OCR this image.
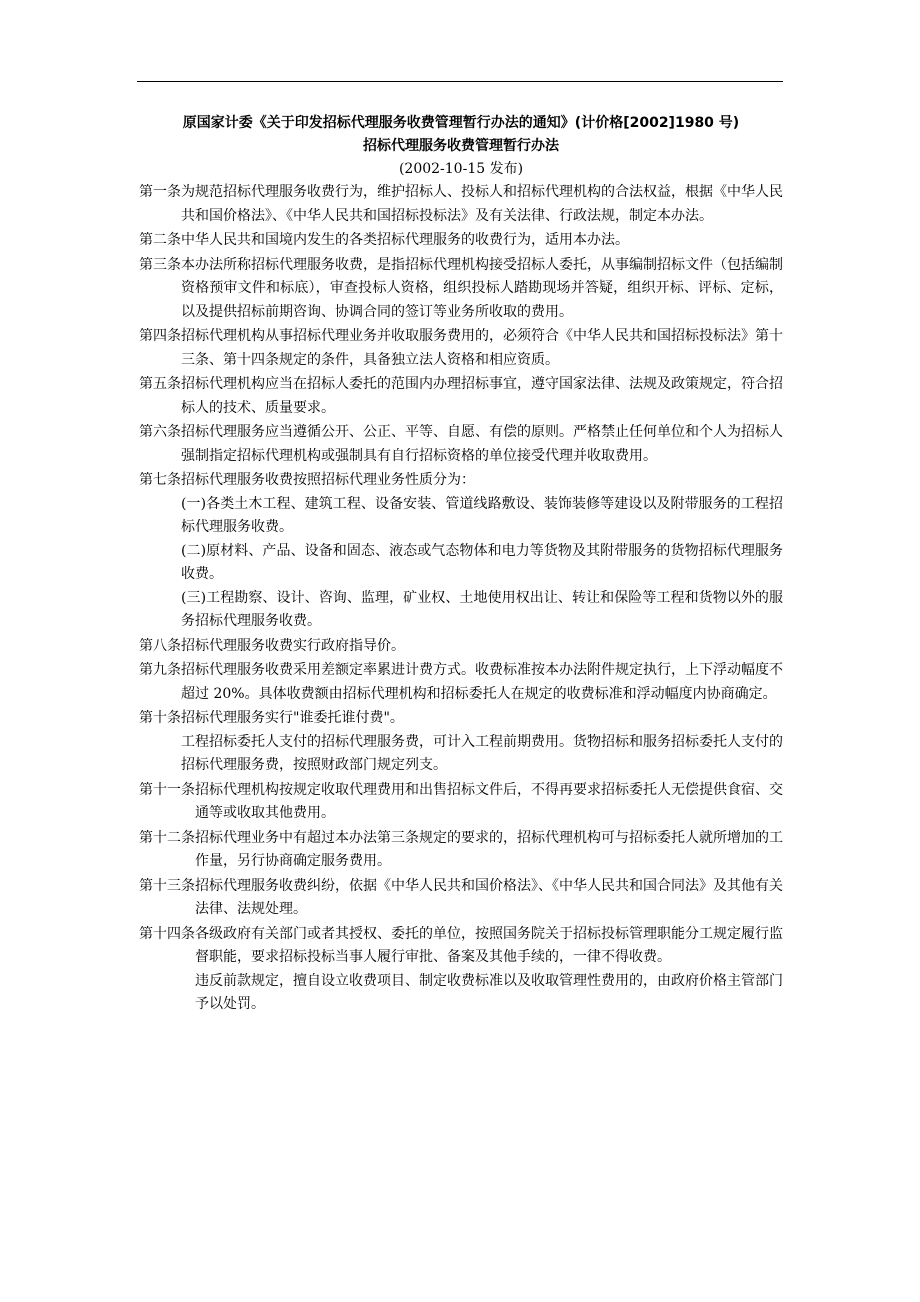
原国家计委《关于印发招标代理服务收费管理暂行办法的通知》(计价格[2002]1980 号)
招标代理服务收费管理暂行办法
(2002-10-15 发布)
第一条 为规范招标代理服务收费行为，维护招标人、投标人和招标代理机构的合法权益，根据《中华人民共和国价格法》、《中华人民共和国招标投标法》及有关法律、行政法规，制定本办法。

第二条 中华人民共和国境内发生的各类招标代理服务的收费行为，适用本办法。

第三条 本办法所称招标代理服务收费，是指招标代理机构接受招标人委托，从事编制招标文件（包括编制资格预审文件和标底），审查投标人资格，组织投标人踏勘现场并答疑，组织开标、评标、定标，以及提供招标前期咨询、协调合同的签订等业务所收取的费用。

第四条 招标代理机构从事招标代理业务并收取服务费用的，必须符合《中华人民共和国招标投标法》第十三条、第十四条规定的条件，具备独立法人资格和相应资质。

第五条 招标代理机构应当在招标人委托的范围内办理招标事宜，遵守国家法律、法规及政策规定，符合招标人的技术、质量要求。

第六条 招标代理服务应当遵循公开、公正、平等、自愿、有偿的原则。严格禁止任何单位和个人为招标人强制指定招标代理机构或强制具有自行招标资格的单位接受代理并收取费用。

第七条 招标代理服务收费按照招标代理业务性质分为：

(一)各类土木工程、建筑工程、设备安装、管道线路敷设、装饰装修等建设以及附带服务的工程招标代理服务收费。

(二)原材料、产品、设备和固态、液态或气态物体和电力等货物及其附带服务的货物招标代理服务收费。

(三)工程勘察、设计、咨询、监理，矿业权、土地使用权出让、转让和保险等工程和货物以外的服务招标代理服务收费。

第八条 招标代理服务收费实行政府指导价。

第九条 招标代理服务收费采用差额定率累进计费方式。收费标准按本办法附件规定执行，上下浮动幅度不超过 20%。具体收费额由招标代理机构和招标委托人在规定的收费标准和浮动幅度内协商确定。

第十条 招标代理服务实行"谁委托谁付费"。

工程招标委托人支付的招标代理服务费，可计入工程前期费用。货物招标和服务招标委托人支付的招标代理服务费，按照财政部门规定列支。

第十一条 招标代理机构按规定收取代理费用和出售招标文件后，不得再要求招标委托人无偿提供食宿、交通等或收取其他费用。

第十二条 招标代理业务中有超过本办法第三条规定的要求的，招标代理机构可与招标委托人就所增加的工作量，另行协商确定服务费用。

第十三条 招标代理服务收费纠纷，依据《中华人民共和国价格法》、《中华人民共和国合同法》及其他有关法律、法规处理。

第十四条 各级政府有关部门或者其授权、委托的单位，按照国务院关于招标投标管理职能分工规定履行监督职能，要求招标投标当事人履行审批、备案及其他手续的，一律不得收费。

违反前款规定，擅自设立收费项目、制定收费标准以及收取管理性费用的，由政府价格主管部门予以处罚。
